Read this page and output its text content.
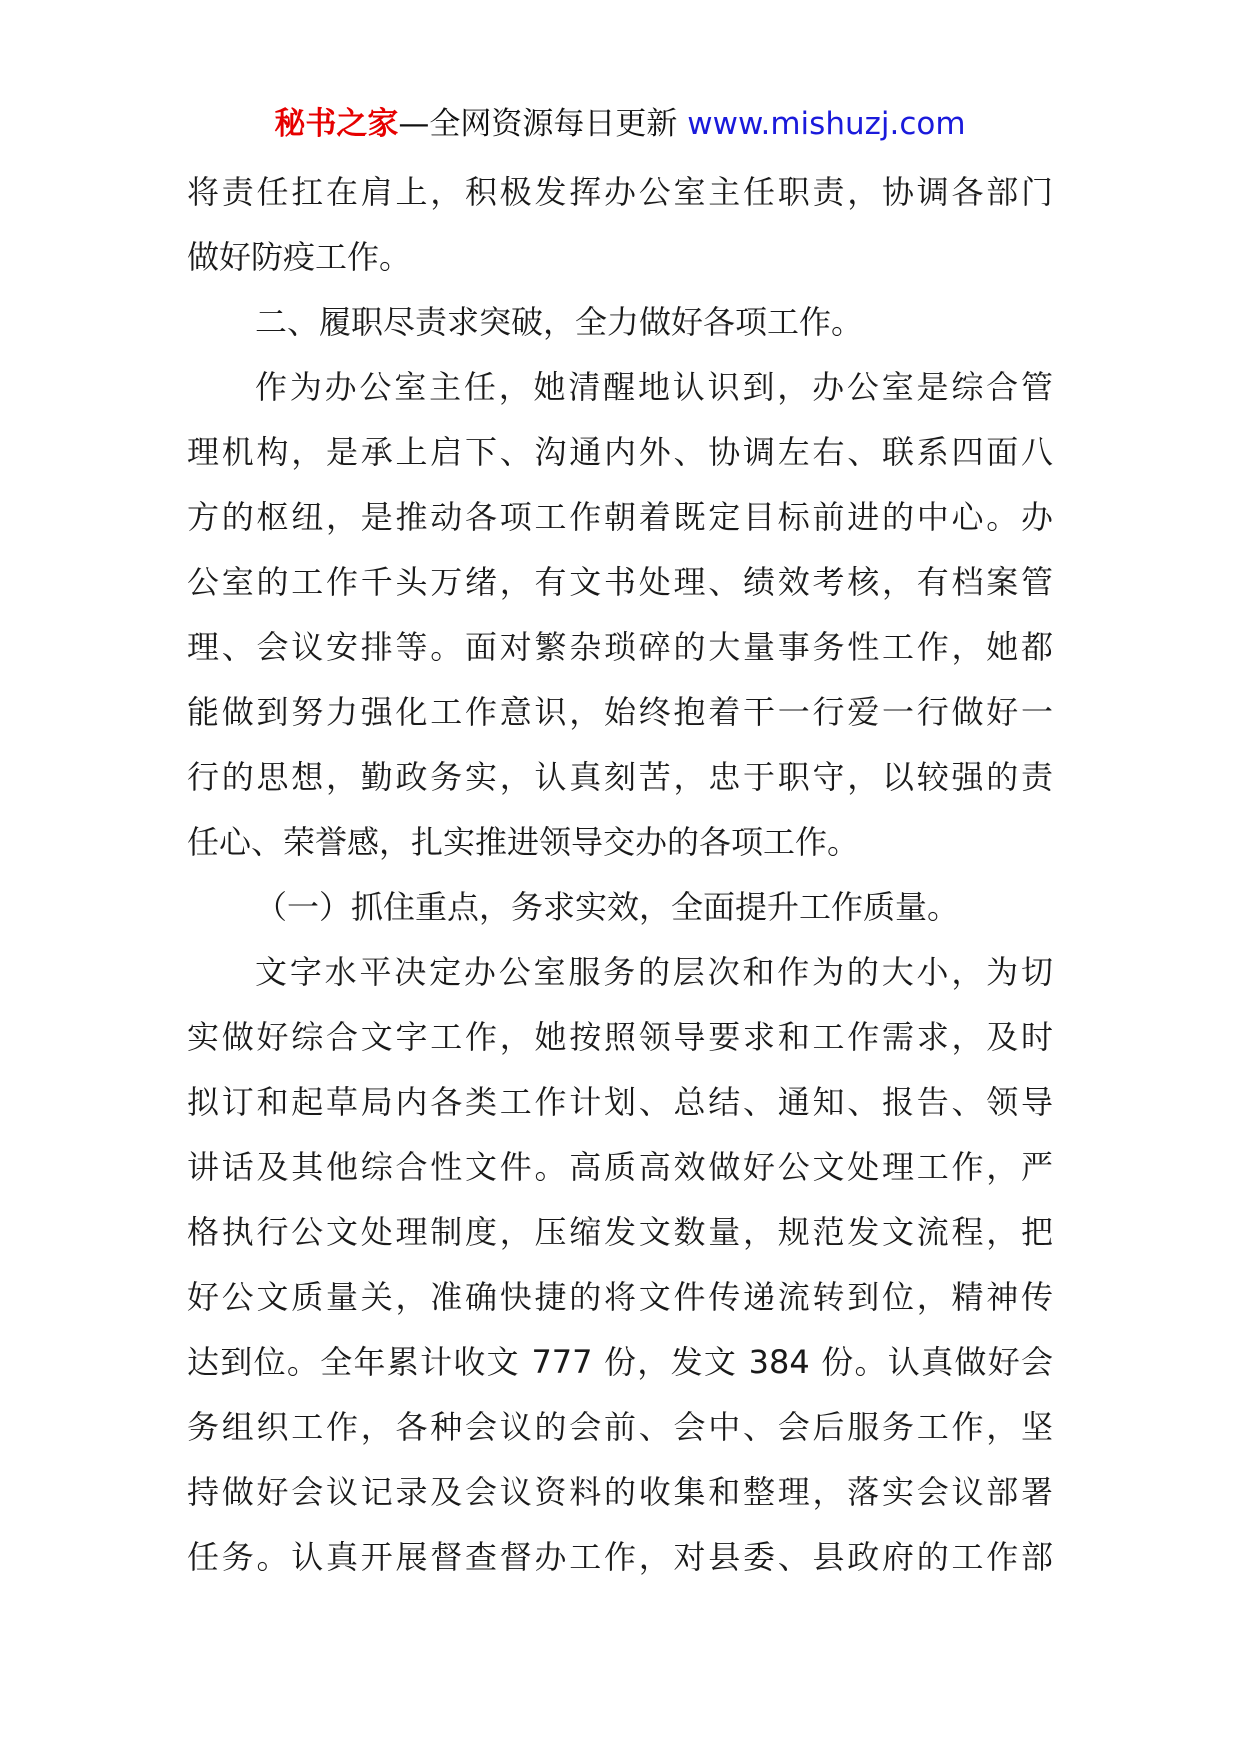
秘书之家—全网资源每日更新 www.mishuzj.com
将责任扛在肩上，积极发挥办公室主任职责，协调各部门
做好防疫工作。
二、履职尽责求突破，全力做好各项工作。
作为办公室主任，她清醒地认识到，办公室是综合管
理机构，是承上启下、沟通内外、协调左右、联系四面八
方的枢纽，是推动各项工作朝着既定目标前进的中心。办
公室的工作千头万绪，有文书处理、绩效考核，有档案管
理、会议安排等。面对繁杂琐碎的大量事务性工作，她都
能做到努力强化工作意识，始终抱着干一行爱一行做好一
行的思想，勤政务实，认真刻苦，忠于职守，以较强的责
任心、荣誉感，扎实推进领导交办的各项工作。
（一）抓住重点，务求实效，全面提升工作质量。
文字水平决定办公室服务的层次和作为的大小，为切
实做好综合文字工作，她按照领导要求和工作需求，及时
拟订和起草局内各类工作计划、总结、通知、报告、领导
讲话及其他综合性文件。高质高效做好公文处理工作，严
格执行公文处理制度，压缩发文数量，规范发文流程，把
好公文质量关，准确快捷的将文件传递流转到位，精神传
达到位。全年累计收文 777 份，发文 384 份。认真做好会
务组织工作，各种会议的会前、会中、会后服务工作，坚
持做好会议记录及会议资料的收集和整理，落实会议部署
任务。认真开展督查督办工作，对县委、县政府的工作部
